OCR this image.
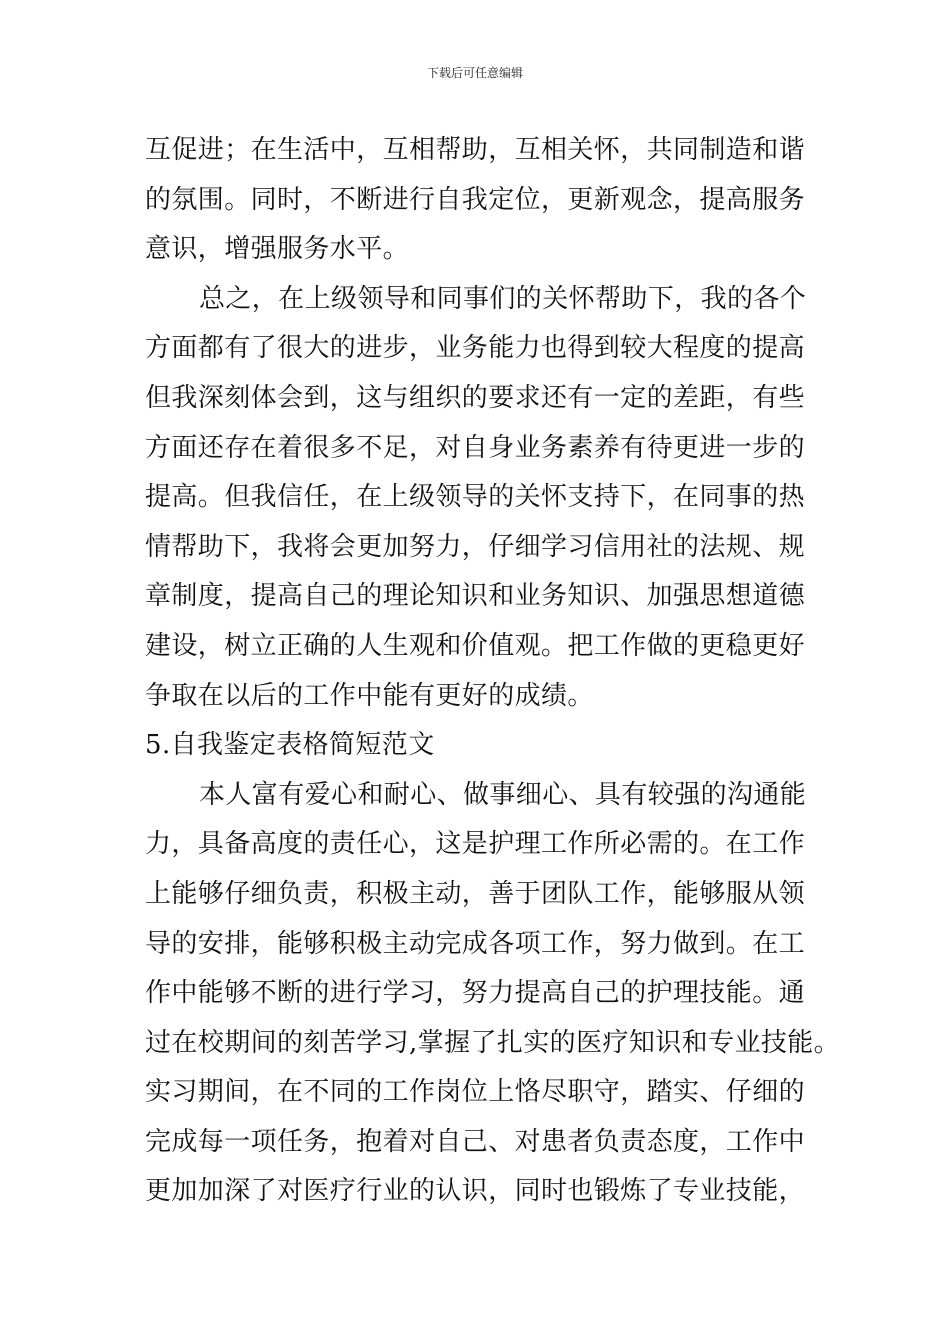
下载后可任意编辑
互促进；在生活中，互相帮助，互相关怀，共同制造和谐
的氛围。同时，不断进行自我定位，更新观念，提高服务
意识，增强服务水平。
总之，在上级领导和同事们的关怀帮助下，我的各个
方面都有了很大的进步，业务能力也得到较大程度的提高
但我深刻体会到，这与组织的要求还有一定的差距，有些
方面还存在着很多不足，对自身业务素养有待更进一步的
提高。但我信任，在上级领导的关怀支持下，在同事的热
情帮助下，我将会更加努力，仔细学习信用社的法规、规
章制度，提高自己的理论知识和业务知识、加强思想道德
建设，树立正确的人生观和价值观。把工作做的更稳更好
争取在以后的工作中能有更好的成绩。
5.自我鉴定表格简短范文
本人富有爱心和耐心、做事细心、具有较强的沟通能
力，具备高度的责任心，这是护理工作所必需的。在工作
上能够仔细负责，积极主动，善于团队工作，能够服从领
导的安排，能够积极主动完成各项工作，努力做到。在工
作中能够不断的进行学习，努力提高自己的护理技能。通
过在校期间的刻苦学习,掌握了扎实的医疗知识和专业技能。
实习期间，在不同的工作岗位上恪尽职守，踏实、仔细的
完成每一项任务，抱着对自己、对患者负责态度，工作中
更加加深了对医疗行业的认识，同时也锻炼了专业技能，
